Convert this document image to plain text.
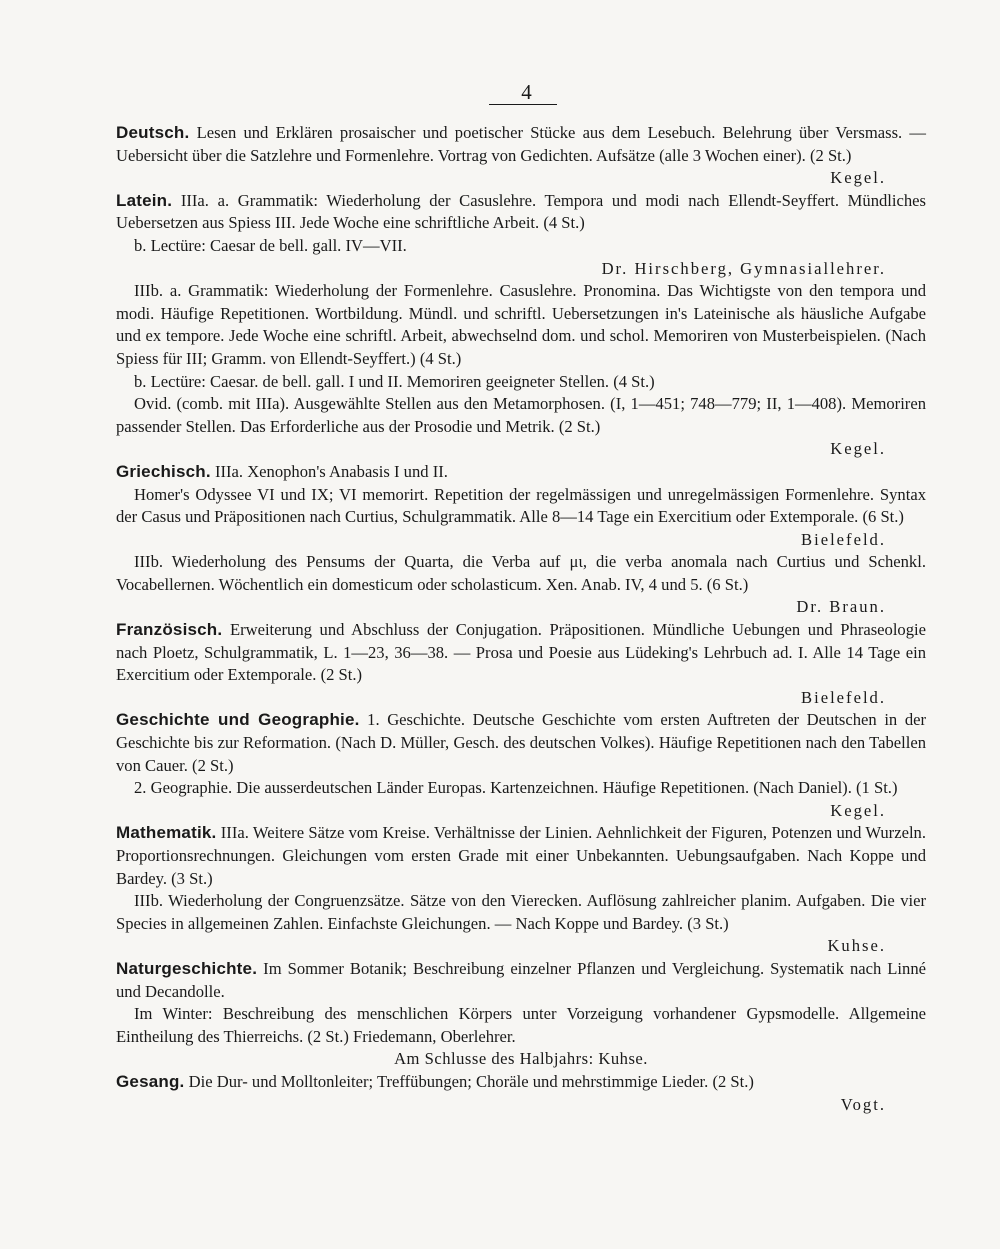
4

Deutsch. Lesen und Erklären prosaischer und poetischer Stücke aus dem Lesebuch. Belehrung über Versmass. — Uebersicht über die Satzlehre und Formenlehre. Vortrag von Gedichten. Aufsätze (alle 3 Wochen einer). (2 St.)

Kegel.

Latein. IIIa. a. Grammatik: Wiederholung der Casuslehre. Tempora und modi nach Ellendt-Seyffert. Mündliches Uebersetzen aus Spiess III. Jede Woche eine schriftliche Arbeit. (4 St.)

b. Lectüre: Caesar de bell. gall. IV—VII.

Dr. Hirschberg, Gymnasiallehrer.

IIIb. a. Grammatik: Wiederholung der Formenlehre. Casuslehre. Pronomina. Das Wichtigste von den tempora und modi. Häufige Repetitionen. Wortbildung. Mündl. und schriftl. Uebersetzungen in's Lateinische als häusliche Aufgabe und ex tempore. Jede Woche eine schriftl. Arbeit, abwechselnd dom. und schol. Memoriren von Musterbeispielen. (Nach Spiess für III; Gramm. von Ellendt-Seyffert.) (4 St.)

b. Lectüre: Caesar. de bell. gall. I und II. Memoriren geeigneter Stellen. (4 St.)

Ovid. (comb. mit IIIa). Ausgewählte Stellen aus den Metamorphosen. (I, 1—451; 748—779; II, 1—408). Memoriren passender Stellen. Das Erforderliche aus der Prosodie und Metrik. (2 St.)

Kegel.

Griechisch. IIIa. Xenophon's Anabasis I und II.

Homer's Odyssee VI und IX; VI memorirt. Repetition der regelmässigen und unregelmässigen Formenlehre. Syntax der Casus und Präpositionen nach Curtius, Schulgrammatik. Alle 8—14 Tage ein Exercitium oder Extemporale. (6 St.)

Bielefeld.

IIIb. Wiederholung des Pensums der Quarta, die Verba auf μι, die verba anomala nach Curtius und Schenkl. Vocabellernen. Wöchentlich ein domesticum oder scholasticum. Xen. Anab. IV, 4 und 5. (6 St.)

Dr. Braun.

Französisch. Erweiterung und Abschluss der Conjugation. Präpositionen. Mündliche Uebungen und Phraseologie nach Ploetz, Schulgrammatik, L. 1—23, 36—38. — Prosa und Poesie aus Lüdeking's Lehrbuch ad. I. Alle 14 Tage ein Exercitium oder Extemporale. (2 St.)

Bielefeld.

Geschichte und Geographie. 1. Geschichte. Deutsche Geschichte vom ersten Auftreten der Deutschen in der Geschichte bis zur Reformation. (Nach D. Müller, Gesch. des deutschen Volkes). Häufige Repetitionen nach den Tabellen von Cauer. (2 St.)

2. Geographie. Die ausserdeutschen Länder Europas. Kartenzeichnen. Häufige Repetitionen. (Nach Daniel). (1 St.)

Kegel.

Mathematik. IIIa. Weitere Sätze vom Kreise. Verhältnisse der Linien. Aehnlichkeit der Figuren, Potenzen und Wurzeln. Proportionsrechnungen. Gleichungen vom ersten Grade mit einer Unbekannten. Uebungsaufgaben. Nach Koppe und Bardey. (3 St.)

IIIb. Wiederholung der Congruenzsätze. Sätze von den Vierecken. Auflösung zahlreicher planim. Aufgaben. Die vier Species in allgemeinen Zahlen. Einfachste Gleichungen. — Nach Koppe und Bardey. (3 St.)

Kuhse.

Naturgeschichte. Im Sommer Botanik; Beschreibung einzelner Pflanzen und Vergleichung. Systematik nach Linné und Decandolle.

Im Winter: Beschreibung des menschlichen Körpers unter Vorzeigung vorhandener Gypsmodelle. Allgemeine Eintheilung des Thierreichs. (2 St.) Friedemann, Oberlehrer.

Am Schlusse des Halbjahrs: Kuhse.

Gesang. Die Dur- und Molltonleiter; Treffübungen; Choräle und mehrstimmige Lieder. (2 St.)

Vogt.
